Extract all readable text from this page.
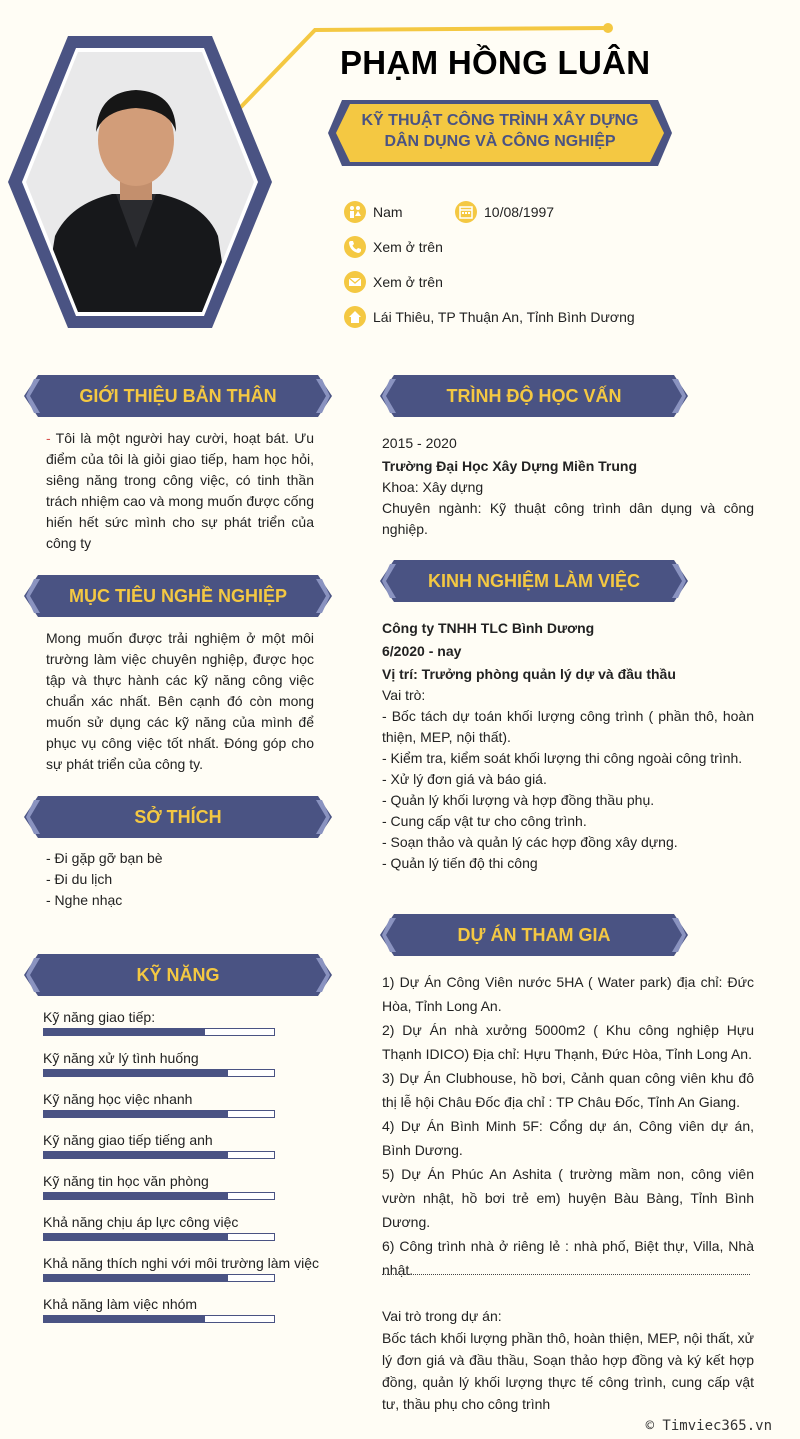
PHẠM HỒNG LUÂN
KỸ THUẬT CÔNG TRÌNH XÂY DỰNG
DÂN DỤNG VÀ CÔNG NGHIỆP
Nam	10/08/1997
Xem ở trên
Xem ở trên
Lái Thiêu, TP Thuận An, Tỉnh Bình Dương
GIỚI THIỆU BẢN THÂN
- Tôi là một người hay cười, hoạt bát. Ưu điểm của tôi là giỏi giao tiếp, ham học hỏi, siêng năng trong công việc, có tinh thần trách nhiệm cao và mong muốn được cống hiến hết sức mình cho sự phát triển của công ty
MỤC TIÊU NGHỀ NGHIỆP
Mong muốn được trải nghiệm ở một môi trường làm việc chuyên nghiệp, được học tập và thực hành các kỹ năng công việc chuẩn xác nhất. Bên cạnh đó còn mong muốn sử dụng các kỹ năng của mình để phục vụ công việc tốt nhất. Đóng góp cho sự phát triển của công ty.
SỞ THÍCH
- Đi gặp gỡ bạn bè
- Đi du lịch
- Nghe nhạc
KỸ NĂNG
Kỹ năng giao tiếp:
Kỹ năng xử lý tình huống
Kỹ năng học việc nhanh
Kỹ năng giao tiếp tiếng anh
Kỹ năng tin học văn phòng
Khả năng chịu áp lực công việc
Khả năng thích nghi với môi trường làm việc
Khả năng làm việc nhóm
TRÌNH ĐỘ HỌC VẤN
2015 - 2020
Trường Đại Học Xây Dựng Miền Trung
Khoa: Xây dựng
Chuyên ngành: Kỹ thuật công trình dân dụng và công nghiệp.
KINH NGHIỆM LÀM VIỆC
Công ty TNHH TLC Bình Dương
6/2020 - nay
Vị trí: Trưởng phòng quản lý dự và đầu thầu
Vai trò:
- Bốc tách dự toán khối lượng công trình ( phần thô, hoàn thiện, MEP, nội thất).
- Kiểm tra, kiểm soát khối lượng thi công ngoài công trình.
- Xử lý đơn giá và báo giá.
- Quản lý khối lượng và hợp đồng thầu phụ.
- Cung cấp vật tư cho công trình.
- Soạn thảo và quản lý các hợp đồng xây dựng.
- Quản lý tiến độ thi công
DỰ ÁN THAM GIA
1) Dự Án Công Viên nước 5HA ( Water park) địa chỉ: Đức Hòa, Tỉnh Long An.
2) Dự Án nhà xưởng 5000m2 ( Khu công nghiệp Hựu Thạnh IDICO) Địa chỉ: Hựu Thạnh, Đức Hòa, Tỉnh Long An.
3) Dự Án Clubhouse, hồ bơi, Cảnh quan công viên khu đô thị lễ hội Châu Đốc địa chỉ : TP Châu Đốc, Tỉnh An Giang.
4) Dự Án Bình Minh 5F: Cổng dự án, Công viên dự án, Bình Dương.
5) Dự Án Phúc An Ashita ( trường mầm non, công viên vườn nhật, hồ bơi trẻ em) huyện Bàu Bàng, Tỉnh Bình Dương.
6) Công trình nhà ở riêng lẻ : nhà phố, Biệt thự, Villa, Nhà nhật.
Vai trò trong dự án:
Bốc tách khối lượng phần thô, hoàn thiện, MEP, nội thất, xử lý đơn giá và đầu thầu, Soạn thảo hợp đồng và ký kết hợp đồng, quản lý khối lượng thực tế công trình, cung cấp vật tư, thầu phụ cho công trình
© Timviec365.vn
